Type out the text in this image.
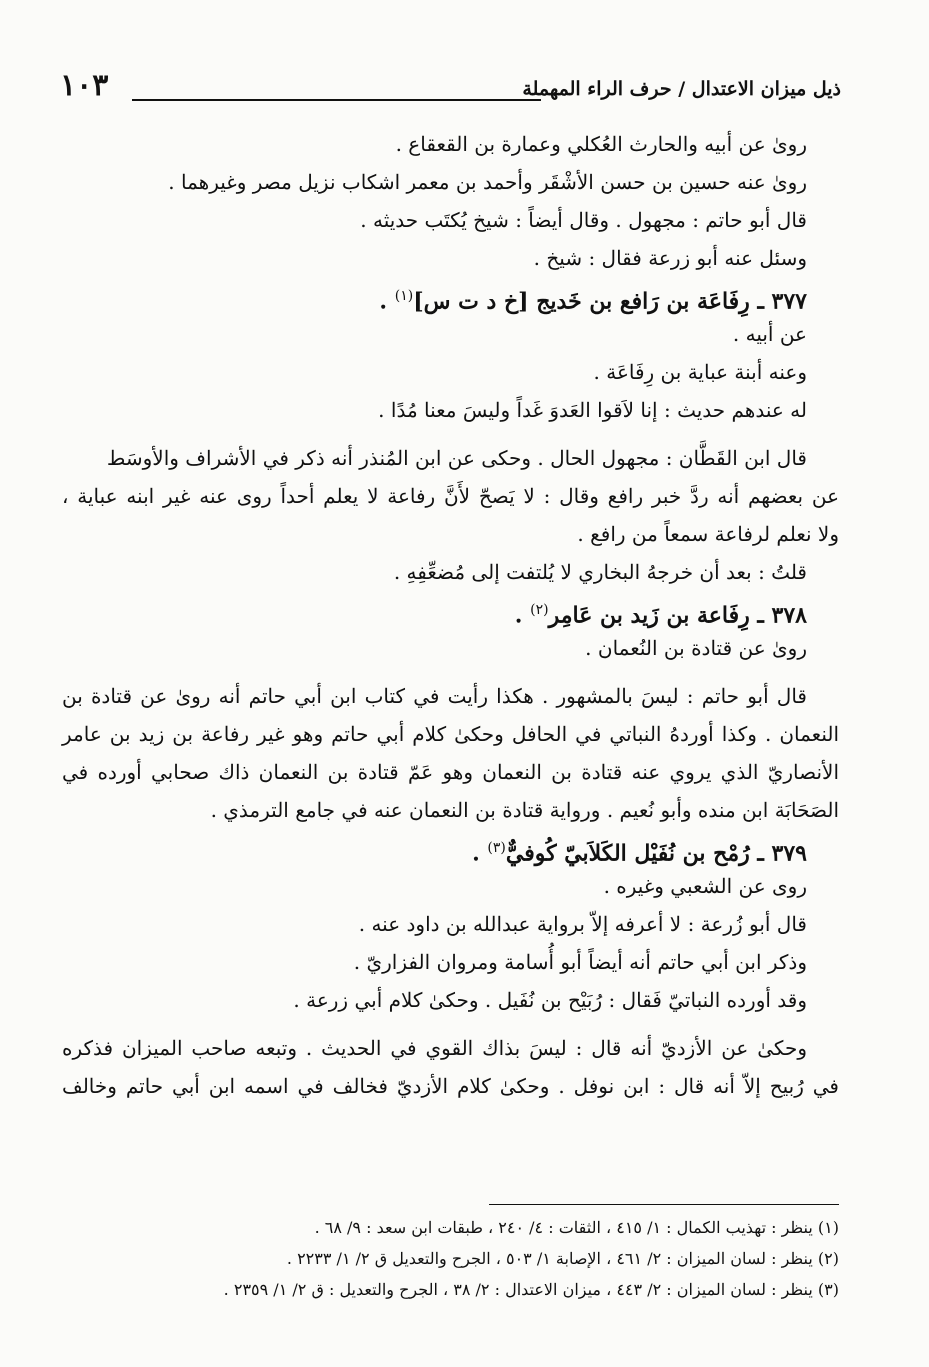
ذيل ميزان الاعتدال / حرف الراء المهملة
١٠٣
رویٰ عن أبيه والحارث العُكلي وعمارة بن القعقاع .
رویٰ عنه حسين بن حسن الأشْقَر وأحمد بن معمر اشكاب نزيل مصر وغيرهما .
قال أبو حاتم : مجهول . وقال أيضاً : شيخ يُكتَب حديثه .
وسئل عنه أبو زرعة فقال : شيخ .
٣٧٧ ـ رِفَاعَة بن رَافع بن خَديج [خ د ت س]$^{(١)}$ .
عن أبيه .
وعنه أبنة عباية بن رِفَاعَة .
له عندهم حديث : إنا لاَقوا العَدوَ غَداً وليسَ معنا مُدًا .
قال ابن القَطَّان : مجهول الحال . وحكى عن ابن المُنذر أنه ذكر في الأشراف والأوسَط
عن بعضهم أنه ردَّ خبر رافع وقال : لا يَصحّ لأَنَّ رفاعة لا يعلم أحداً روى عنه غير ابنه عباية ،
ولا نعلم لرفاعة سمعاً من رافع .
قلتُ : بعد أن خرجهُ البخاري لا يُلتفت إلى مُضعِّفِهِ .
٣٧٨ ـ رِفَاعة بن زَيد بن عَامِر$^{(٢)}$ .
رویٰ عن قتادة بن النُعمان .
قال أبو حاتم : ليسَ بالمشهور . هكذا رأيت في كتاب ابن أبي حاتم أنه رویٰ عن قتادة بن
النعمان . وكذا أوردهُ النباتي في الحافل وحكیٰ كلام أبي حاتم وهو غير رفاعة بن زيد بن عامر
الأنصاريّ الذي يروي عنه قتادة بن النعمان وهو عَمّ قتادة بن النعمان ذاك صحابي أورده في
الصَحَابَة ابن منده وأبو نُعيم . ورواية قتادة بن النعمان عنه في جامع الترمذي .
٣٧٩ ـ رُمْح بن نُفَيْل الكَلاَبيّ كُوفيٌّ$^{(٣)}$ .
روى عن الشعبي وغيره .
قال أبو زُرعة : لا أعرفه إلاّ برواية عبدالله بن داود عنه .
وذكر ابن أبي حاتم أنه أيضاً أبو أُسامة ومروان الفزاريّ .
وقد أورده النباتيّ فَقال : رُبَيْح بن نُفَيل . وحكیٰ كلام أبي زرعة .
وحكیٰ عن الأزديّ أنه قال : ليسَ بذاك القوي في الحديث . وتبعه صاحب الميزان فذكره
في رُبيح إلاّ أنه قال : ابن نوفل . وحكیٰ كلام الأزديّ فخالف في اسمه ابن أبي حاتم وخالف
(١) ينظر : تهذيب الكمال : ١/ ٤١٥ ، الثقات : ٤/ ٢٤٠ ، طبقات ابن سعد : ٩/ ٦٨ .
(٢) ينظر : لسان الميزان : ٢/ ٤٦١ ، الإصابة ١/ ٥٠٣ ، الجرح والتعديل ق ٢/ ١/ ٢٢٣٣ .
(٣) ينظر : لسان الميزان : ٢/ ٤٤٣ ، ميزان الاعتدال : ٢/ ٣٨ ، الجرح والتعديل : ق ٢/ ١/ ٢٣٥٩ .
